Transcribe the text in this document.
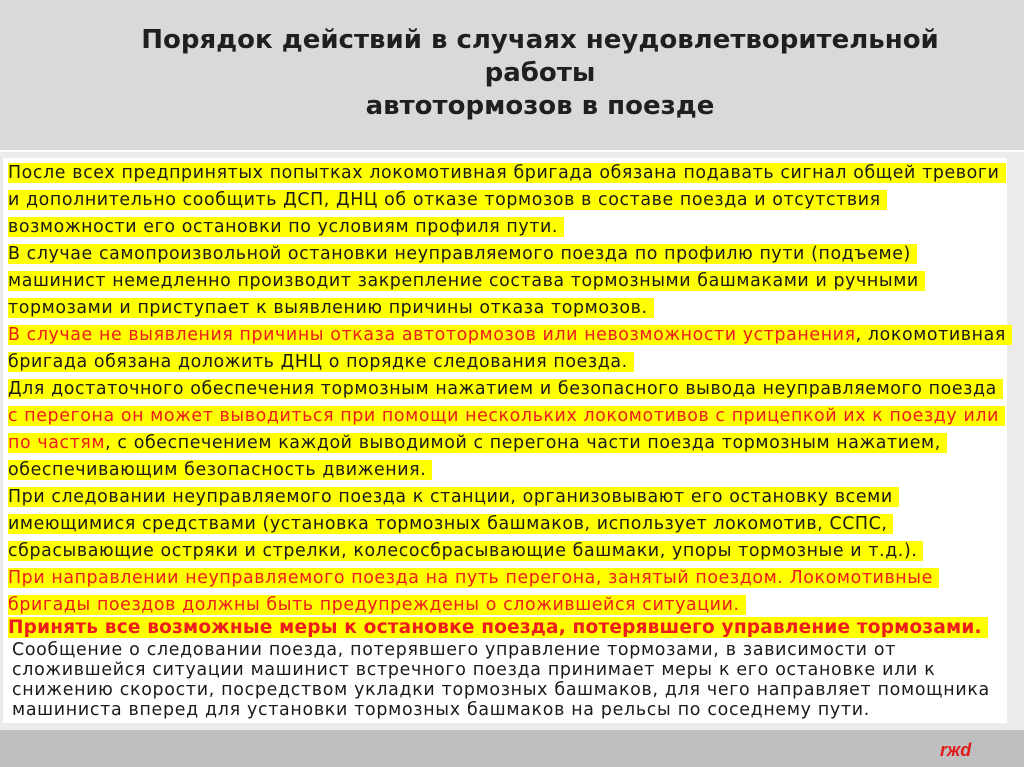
Порядок действий в случаях неудовлетворительной
работы
автотормозов в поезде
После всех предпринятых попытках локомотивная бригада обязана подавать сигнал общей тревоги и дополнительно сообщить ДСП, ДНЦ об отказе тормозов в составе поезда и отсутствия возможности его остановки по условиям профиля пути.
В случае самопроизвольной остановки неуправляемого поезда по профилю пути (подъеме) машинист немедленно производит закрепление состава тормозными башмаками и ручными тормозами и приступает к выявлению причины отказа тормозов.
В случае не выявления причины отказа автотормозов или невозможности устранения, локомотивная бригада обязана доложить ДНЦ о порядке следования поезда.
Для достаточного обеспечения тормозным нажатием и безопасного вывода неуправляемого поезда с перегона он может выводиться при помощи нескольких локомотивов с прицепкой их к поезду или по частям, с обеспечением каждой выводимой с перегона части поезда тормозным нажатием, обеспечивающим безопасность движения.
При следовании неуправляемого поезда к станции, организовывают его остановку всеми имеющимися средствами (установка тормозных башмаков, использует локомотив, ССПС, сбрасывающие остряки и стрелки, колесосбрасывающие башмаки, упоры тормозные и т.д.).
При направлении неуправляемого поезда на путь перегона, занятый поездом. Локомотивные бригады поездов должны быть предупреждены о сложившейся ситуации.
Принять все возможные меры к остановке поезда, потерявшего управление тормозами.
Сообщение о следовании поезда, потерявшего управление тормозами, в зависимости от сложившейся ситуации машинист встречного поезда принимает меры к его остановке или к снижению скорости, посредством укладки тормозных башмаков, для чего направляет помощника машиниста вперед для установки тормозных башмаков на рельсы по соседнему пути.
rжd
